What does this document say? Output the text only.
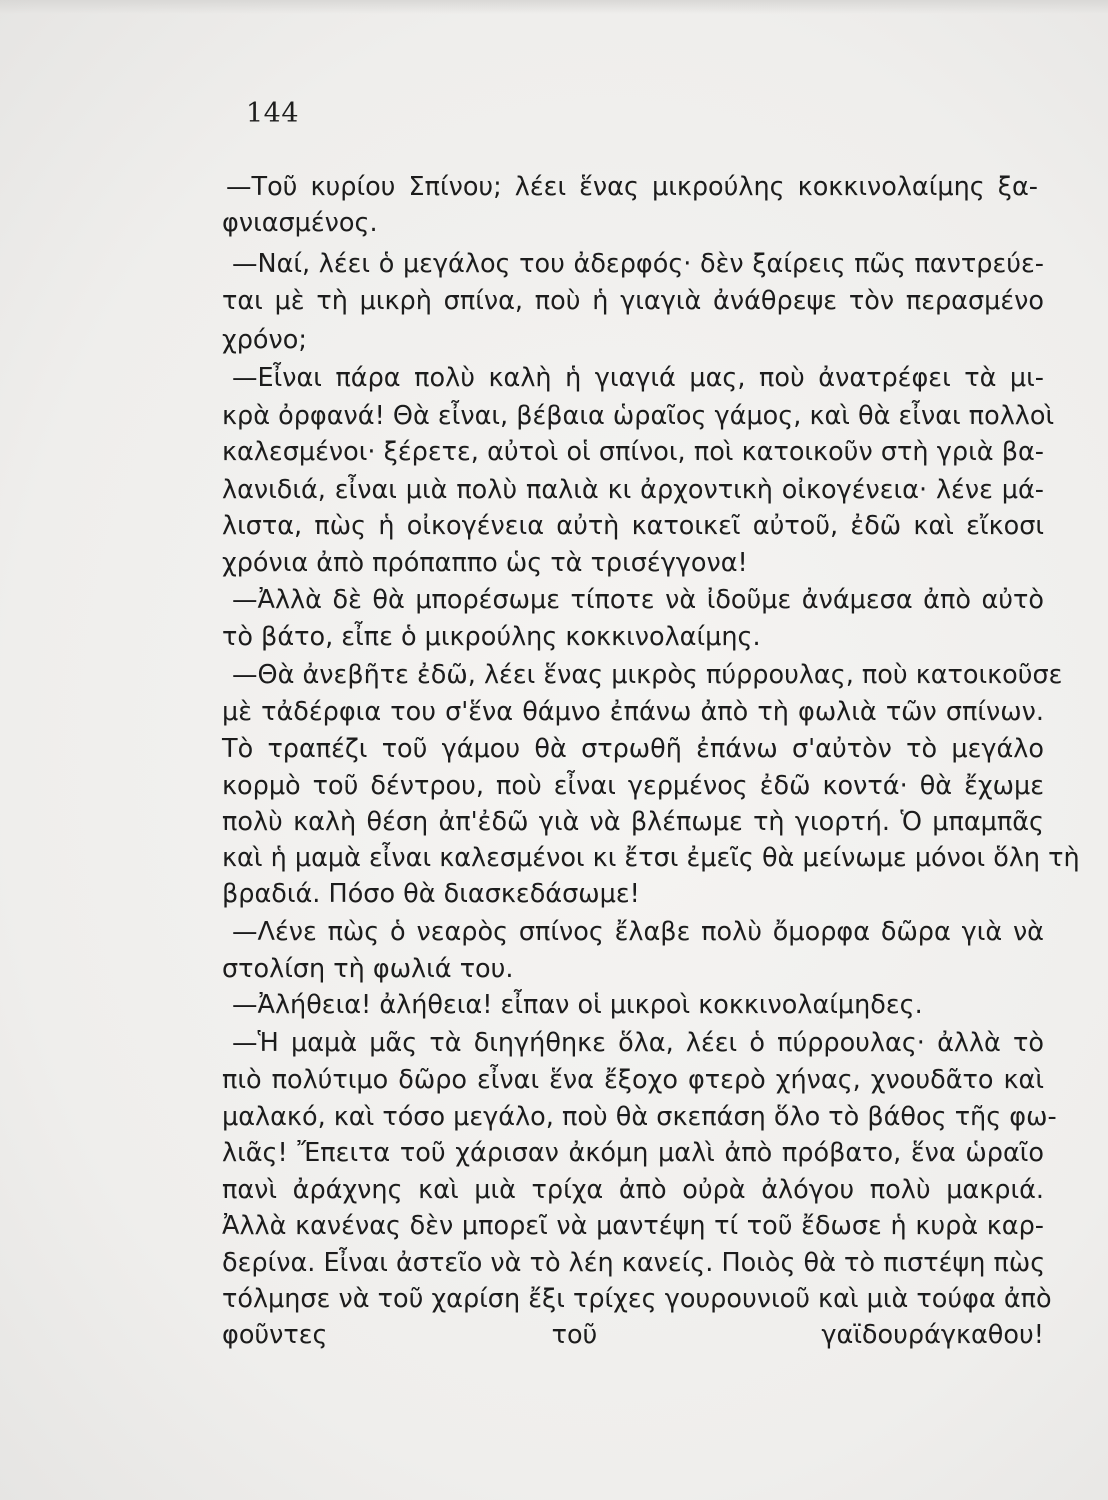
144
—Τοῦ κυρίου Σπίνου; λέει ἕνας μικρούλης κοκκινολαίμης ξα-
φνιασμένος.
—Ναί, λέει ὁ μεγάλος του ἀδερφός· δὲν ξαίρεις πῶς παντρεύε-
ται μὲ τὴ μικρὴ σπίνα, ποὺ ἡ γιαγιὰ ἀνάθρεψε τὸν περασμένο
χρόνο;
—Εἶναι πάρα πολὺ καλὴ ἡ γιαγιά μας, ποὺ ἀνατρέφει τὰ μι-
κρὰ ὀρφανά! Θὰ εἶναι, βέβαια ὡραῖος γάμος, καὶ θὰ εἶναι πολλοὶ
καλεσμένοι· ξέρετε, αὐτοὶ οἱ σπίνοι, ποὶ κατοικοῦν στὴ γριὰ βα-
λανιδιά, εἶναι μιὰ πολὺ παλιὰ κι ἀρχοντικὴ οἰκογένεια· λένε μά-
λιστα, πὼς ἡ οἰκογένεια αὐτὴ κατοικεῖ αὐτοῦ, ἐδῶ καὶ εἴκοσι
χρόνια ἀπὸ πρόπαππο ὡς τὰ τρισέγγονα!
—Ἀλλὰ δὲ θὰ μπορέσωμε τίποτε νὰ ἰδοῦμε ἀνάμεσα ἀπὸ αὐτὸ
τὸ βάτο, εἶπε ὁ μικρούλης κοκκινολαίμης.
—Θὰ ἀνεβῆτε ἐδῶ, λέει ἕνας μικρὸς πύρρουλας, ποὺ κατοικοῦσε
μὲ τἀδέρφια του σ'ἕνα θάμνο ἐπάνω ἀπὸ τὴ φωλιὰ τῶν σπίνων.
Τὸ τραπέζι τοῦ γάμου θὰ στρωθῆ ἐπάνω σ'αὐτὸν τὸ μεγάλο
κορμὸ τοῦ δέντρου, ποὺ εἶναι γερμένος ἐδῶ κοντά· θὰ ἔχωμε
πολὺ καλὴ θέση ἀπ'ἐδῶ γιὰ νὰ βλέπωμε τὴ γιορτή. Ὁ μπαμπᾶς
καὶ ἡ μαμὰ εἶναι καλεσμένοι κι ἔτσι ἐμεῖς θὰ μείνωμε μόνοι ὅλη τὴ
βραδιά. Πόσο θὰ διασκεδάσωμε!
—Λένε πὼς ὁ νεαρὸς σπίνος ἔλαβε πολὺ ὄμορφα δῶρα γιὰ νὰ
στολίση τὴ φωλιά του.
—Ἀλήθεια! ἀλήθεια! εἶπαν οἱ μικροὶ κοκκινολαίμηδες.
—Ἡ μαμὰ μᾶς τὰ διηγήθηκε ὅλα, λέει ὁ πύρρουλας· ἀλλὰ τὸ
πιὸ πολύτιμο δῶρο εἶναι ἕνα ἔξοχο φτερὸ χήνας, χνουδᾶτο καὶ
μαλακό, καὶ τόσο μεγάλο, ποὺ θὰ σκεπάση ὅλο τὸ βάθος τῆς φω-
λιᾶς! Ἔπειτα τοῦ χάρισαν ἀκόμη μαλὶ ἀπὸ πρόβατο, ἕνα ὡραῖο
πανὶ ἀράχνης καὶ μιὰ τρίχα ἀπὸ οὐρὰ ἀλόγου πολὺ μακριά.
Ἀλλὰ κανένας δὲν μπορεῖ νὰ μαντέψη τί τοῦ ἔδωσε ἡ κυρὰ καρ-
δερίνα. Εἶναι ἀστεῖο νὰ τὸ λέη κανείς. Ποιὸς θὰ τὸ πιστέψη πὼς
τόλμησε νὰ τοῦ χαρίση ἔξι τρίχες γουρουνιοῦ καὶ μιὰ τούφα ἀπὸ
φοῦντες τοῦ γαϊδουράγκαθου!
